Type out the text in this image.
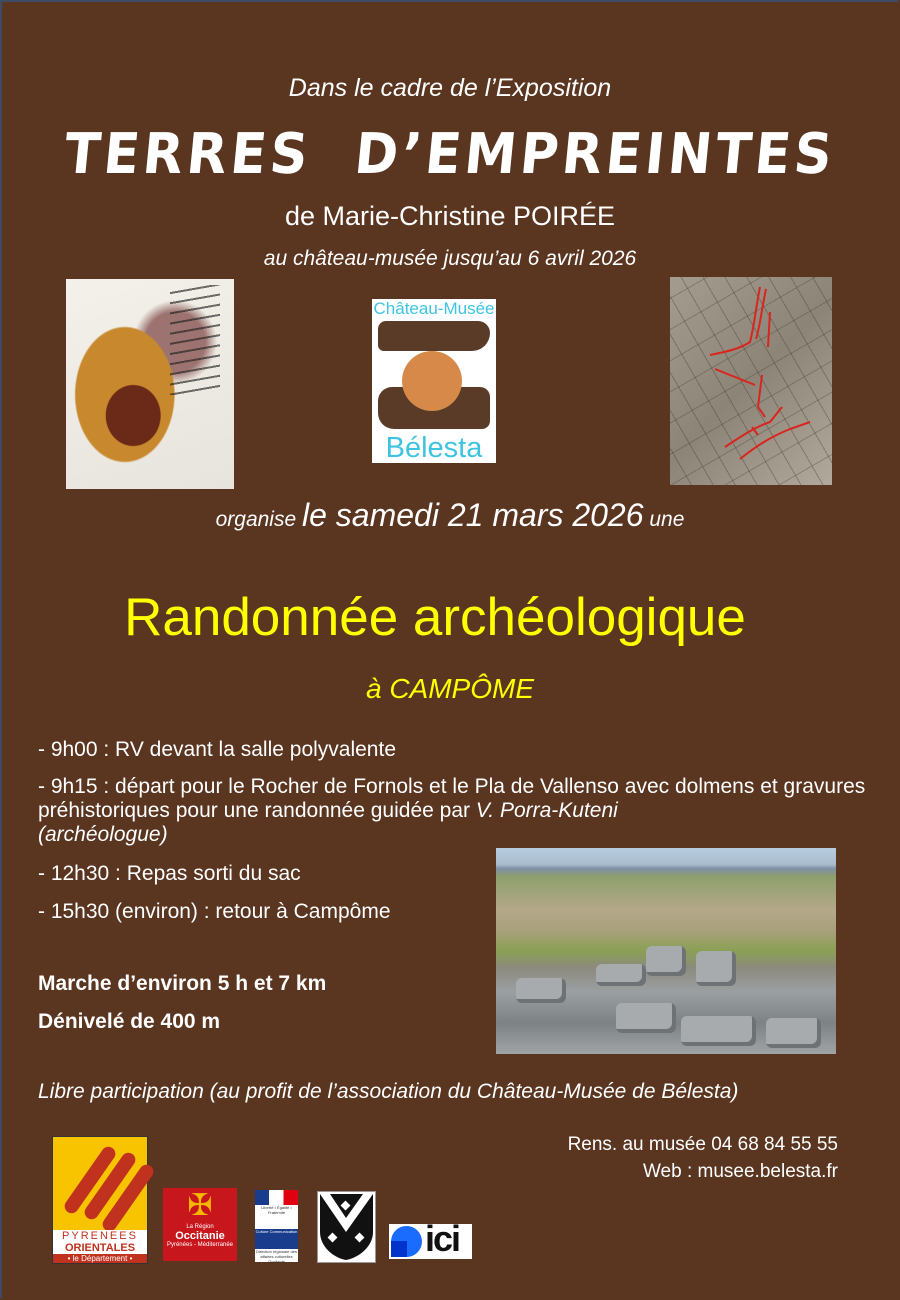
Dans le cadre de l’Exposition
TERRES  D’EMPREINTES
de Marie-Christine POIRÉE
au château-musée jusqu’au 6 avril 2026
Château-Musée
Bélesta
organise le samedi 21 mars 2026 une
Randonnée archéologique
à CAMPÔME
- 9h00 : RV devant la salle polyvalente
- 9h15 : départ pour le Rocher de Fornols et le Pla de Vallenso avec dolmens et gravures préhistoriques pour une randonnée guidée par V. Porra-Kuteni
(archéologue)
- 12h30 : Repas sorti du sac
- 15h30 (environ) : retour à Campôme
Marche d’environ 5 h et 7 km
Dénivelé de 400 m
Libre participation (au profit de l’association du Château-Musée de Bélesta)
Rens. au musée 04 68 84 55 55
Web : musee.belesta.fr
PYRENEES
ORIENTALES
• le Département •
✠
La Région
Occitanie
Pyrénées - Méditerranée
Liberté • Égalité • Fraternité
Culture Communication
Direction régionale des affaires culturelles Occitanie
ici
